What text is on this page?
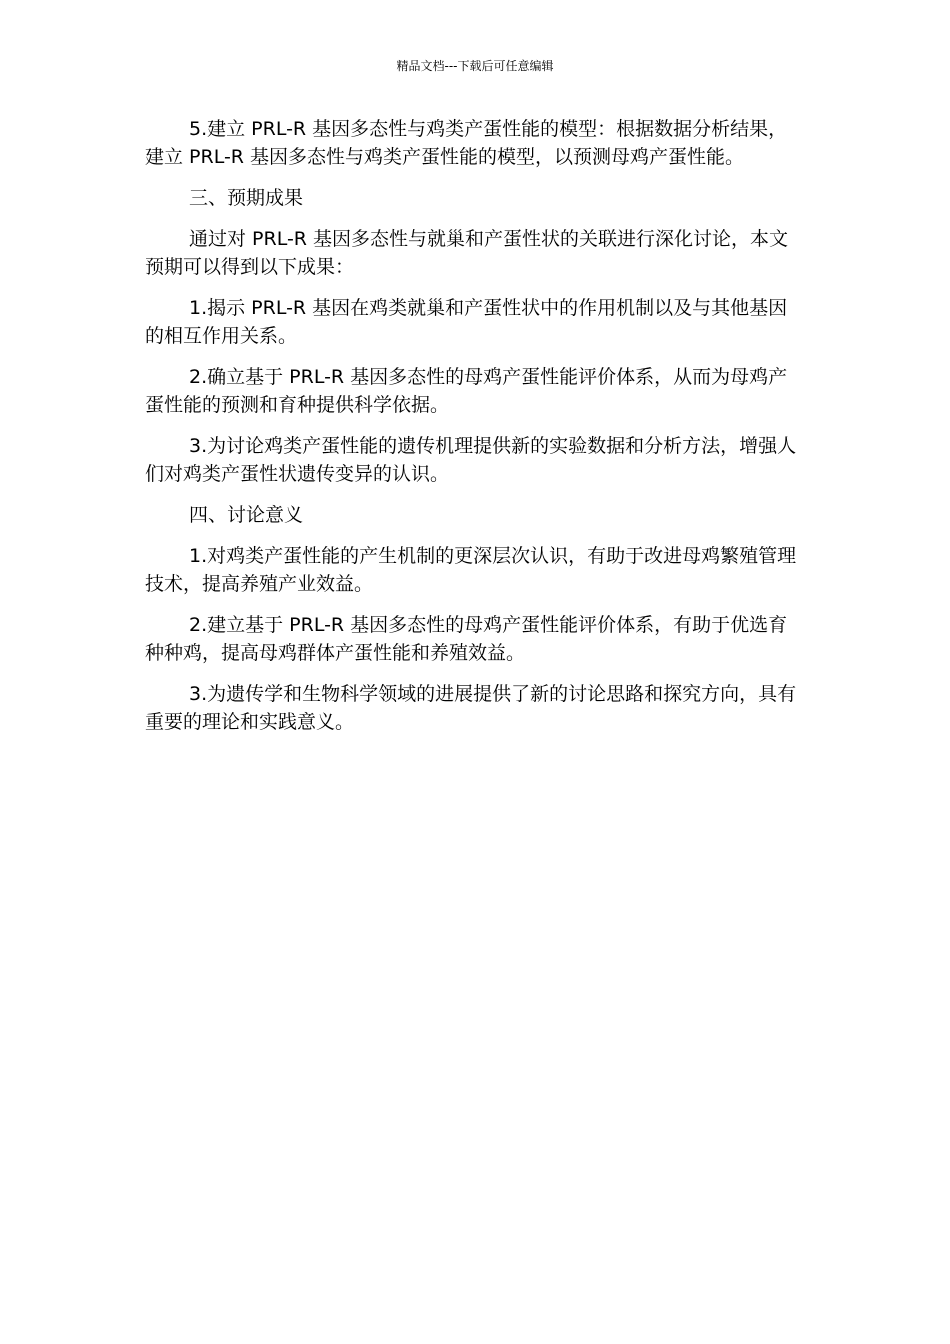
精品文档---下载后可任意编辑

5.建立 PRL-R 基因多态性与鸡类产蛋性能的模型：根据数据分析结果，建立 PRL-R 基因多态性与鸡类产蛋性能的模型，以预测母鸡产蛋性能。

三、预期成果

通过对 PRL-R 基因多态性与就巢和产蛋性状的关联进行深化讨论，本文预期可以得到以下成果：

1.揭示 PRL-R 基因在鸡类就巢和产蛋性状中的作用机制以及与其他基因的相互作用关系。

2.确立基于 PRL-R 基因多态性的母鸡产蛋性能评价体系，从而为母鸡产蛋性能的预测和育种提供科学依据。

3.为讨论鸡类产蛋性能的遗传机理提供新的实验数据和分析方法，增强人们对鸡类产蛋性状遗传变异的认识。

四、讨论意义

1.对鸡类产蛋性能的产生机制的更深层次认识，有助于改进母鸡繁殖管理技术，提高养殖产业效益。

2.建立基于 PRL-R 基因多态性的母鸡产蛋性能评价体系，有助于优选育种种鸡，提高母鸡群体产蛋性能和养殖效益。

3.为遗传学和生物科学领域的进展提供了新的讨论思路和探究方向，具有重要的理论和实践意义。
